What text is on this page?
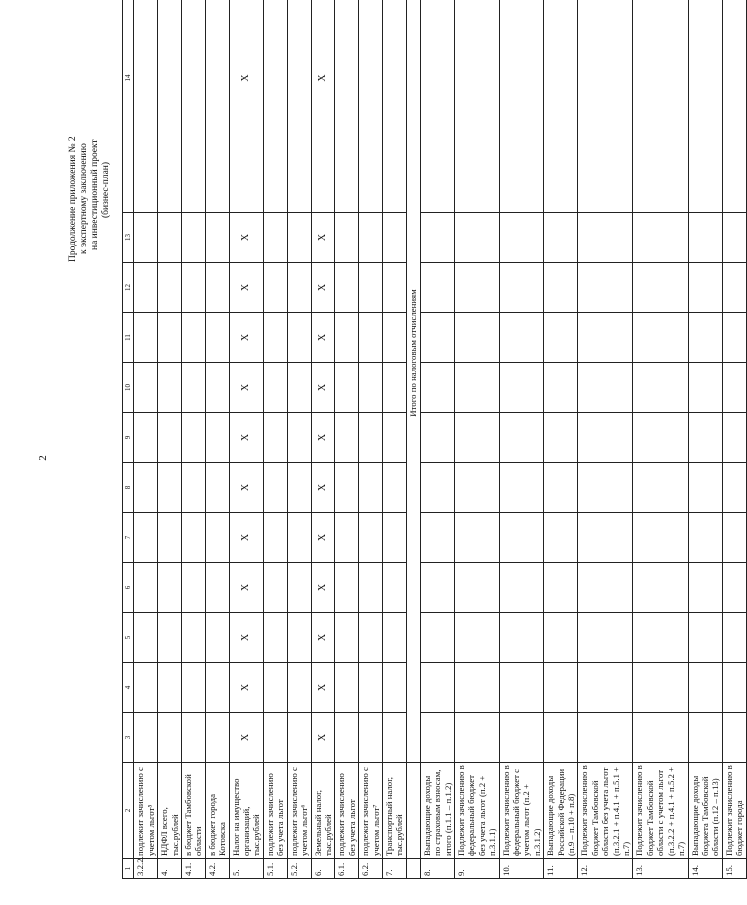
2
Продолжение приложения № 2 к экспертному заключению на инвестиционный проект (бизнес-план)
1	2	3	4	5	6	7	8	9	10	11	12	13	14
3.2.2.	подлежит зачислению с учетом льгот⁵												
4.	НДФЛ всего, тыс.рублей												
4.1.	в бюджет Тамбовской области												
4.2.	в бюджет города Котовска												
5.	Налог на имущество организаций, тыс.рублей	X	X	X	X	X	X	X	X	X	X	X	X
5.1.	подлежит зачислению без учета льгот												
5.2.	подлежит зачислению с учетом льгот⁶												
6.	Земельный налог, тыс.рублей	X	X	X	X	X	X	X	X	X	X	X	X
6.1.	подлежит зачислению без учета льгот												
6.2.	подлежит зачислению с учетом льгот⁷												
7.	Транспортный налог, тыс.рублей												
		Итого по налоговым отчислениям											
8.	Выпадающие доходы по страховым взносам, итого (п.1.1 – п.1.2)												
9.	Подлежит зачислению в федеральный бюджет без учета льгот (п.2 + п.3.1.1)												
10.	Подлежит зачислению в федеральный бюджет с учетом льгот (п.2 + п.3.1.2)												
11.	Выпадающие доходы Российской Федерации (п.9 – п.10 + п.8)												
12.	Подлежит зачислению в бюджет Тамбовской области без учета льгот (п.3.2.1 + п.4.1 + п.5.1 + п.7)												
13.	Подлежит зачислению в бюджет Тамбовской области с учетом льгот (п.3.2.2 + п.4.1 + п.5.2 + п.7)												
14.	Выпадающие доходы бюджета Тамбовской области (п.12 – п.13)												
15.	Подлежит зачислению в бюджет города												
